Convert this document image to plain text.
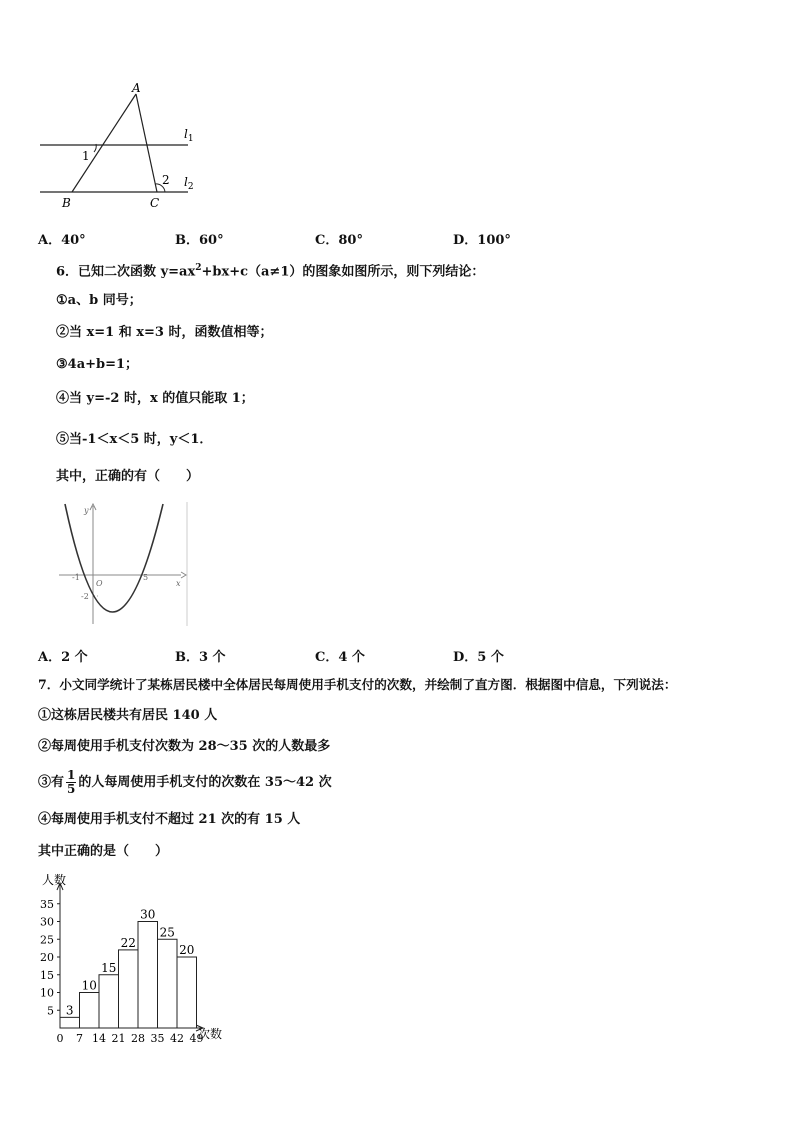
A
B	C
1
2
$l_1$
$l_2$
A．40°	B．60°	C．80°	D．100°
6．已知二次函数 $y=ax^2+bx+c(a\ne 1)$的图象如图所示，则下列结论：
①a、b 同号；
②当 x=1 和 x=3 时，函数值相等；
③4a+b=1；
④当 y=-2 时，x 的值只能取 1；
⑤当-1＜x＜5 时，y＜1．
其中，正确的有（　　）
y
x
O
-1	5
-2
A．2 个	B．3 个	C．4 个	D．5 个
7．小文同学统计了某栋居民楼中全体居民每周使用手机支付的次数，并绘制了直方图．根据图中信息，下列说法：
①这栋居民楼共有居民 140 人
②每周使用手机支付次数为 28～35 次的人数最多
③有 $\frac{1}{5}$ 的人每周使用手机支付的次数在 35～42 次
④每周使用手机支付不超过 21 次的有 15 人
其中正确的是（　　）
人数
次数
5
10
15
20
25
30
35
0 7 14 21 28 35 42 49
3
10
15
22
30
25
20
